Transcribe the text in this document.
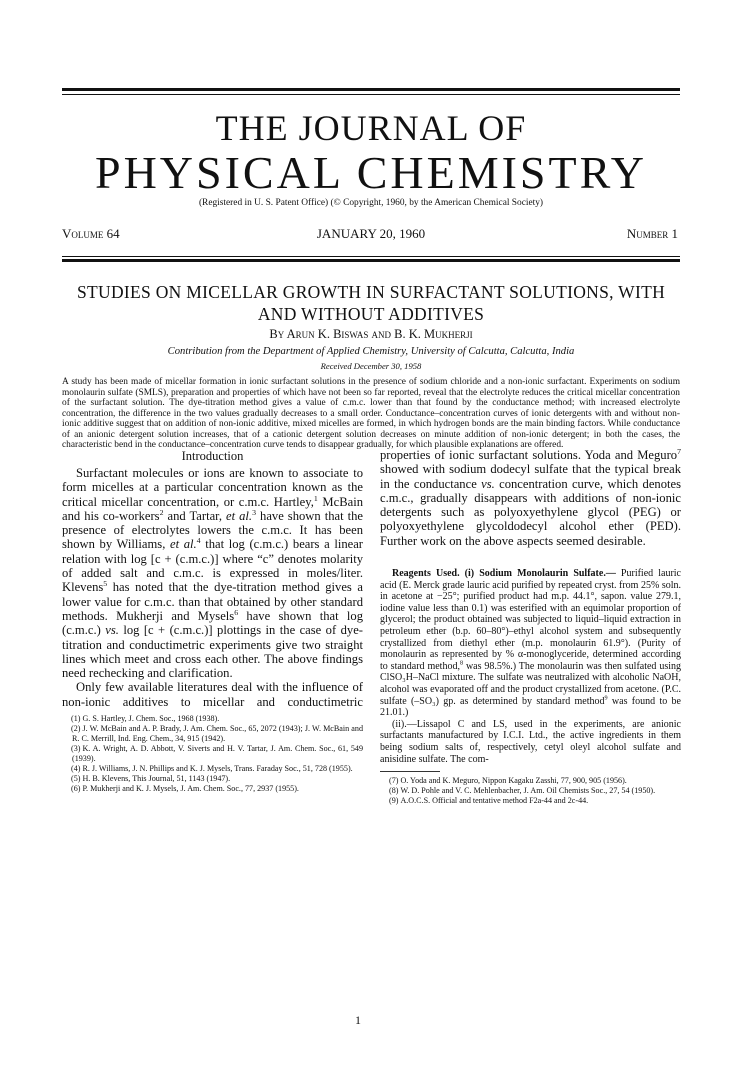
THE JOURNAL OF
PHYSICAL CHEMISTRY
(Registered in U. S. Patent Office) (© Copyright, 1960, by the American Chemical Society)
Volume 64	JANUARY 20, 1960	Number 1
STUDIES ON MICELLAR GROWTH IN SURFACTANT SOLUTIONS, WITH
AND WITHOUT ADDITIVES
By Arun K. Biswas and B. K. Mukherji
Contribution from the Department of Applied Chemistry, University of Calcutta, Calcutta, India
Received December 30, 1958
A study has been made of micellar formation in ionic surfactant solutions in the presence of sodium chloride and a non-ionic surfactant. Experiments on sodium monolaurin sulfate (SMLS), preparation and properties of which have not been so far reported, reveal that the electrolyte reduces the critical micellar concentration of the surfactant solution. The dye-titration method gives a value of c.m.c. lower than that found by the conductance method; with increased electrolyte concentration, the difference in the two values gradually decreases to a small order. Conductance–concentration curves of ionic detergents with and without non-ionic additive suggest that on addition of non-ionic additive, mixed micelles are formed, in which hydrogen bonds are the main binding factors. While conductance of an anionic detergent solution increases, that of a cationic detergent solution decreases on minute addition of non-ionic detergent; in both the cases, the characteristic bend in the conductance–concentration curve tends to disappear gradually, for which plausible explanations are offered.
Introduction

Surfactant molecules or ions are known to associate to form micelles at a particular concentration known as the critical micellar concentration, or c.m.c. Hartley,$^1$ McBain and his co-workers$^2$ and Tartar, et al.$^3$ have shown that the presence of electrolytes lowers the c.m.c. It has been shown by Williams, et al.$^4$ that log (c.m.c.) bears a linear relation with log [c + (c.m.c.)] where “c” denotes molarity of added salt and c.m.c. is expressed in moles/liter. Klevens$^5$ has noted that the dye-titration method gives a lower value for c.m.c. than that obtained by other standard methods. Mukherji and Mysels$^6$ have shown that log (c.m.c.) vs. log [c + (c.m.c.)] plottings in the case of dye-titration and conductimetric experiments give two straight lines which meet and cross each other. The above findings need rechecking and clarification.

Only few available literatures deal with the influence of non-ionic additives to micellar and conductimetric

(1) G. S. Hartley, J. Chem. Soc., 1968 (1938).

(2) J. W. McBain and A. P. Brady, J. Am. Chem. Soc., 65, 2072 (1943); J. W. McBain and R. C. Merrill, Ind. Eng. Chem., 34, 915 (1942).

(3) K. A. Wright, A. D. Abbott, V. Siverts and H. V. Tartar, J. Am. Chem. Soc., 61, 549 (1939).

(4) R. J. Williams, J. N. Phillips and K. J. Mysels, Trans. Faraday Soc., 51, 728 (1955).

(5) H. B. Klevens, This Journal, 51, 1143 (1947).

(6) P. Mukherji and K. J. Mysels, J. Am. Chem. Soc., 77, 2937 (1955).

properties of ionic surfactant solutions. Yoda and Meguro$^7$ showed with sodium dodecyl sulfate that the typical break in the conductance vs. concentration curve, which denotes c.m.c., gradually disappears with additions of non-ionic detergents such as polyoxyethylene glycol (PEG) or polyoxyethylene glycoldodecyl alcohol ether (PED). Further work on the above aspects seemed desirable.

Reagents Used. (i) Sodium Monolaurin Sulfate.— Purified lauric acid (E. Merck grade lauric acid purified by repeated cryst. from 25% soln. in acetone at −25°; purified product had m.p. 44.1°, sapon. value 279.1, iodine value less than 0.1) was esterified with an equimolar proportion of glycerol; the product obtained was subjected to liquid–liquid extraction in petroleum ether (b.p. 60–80°)–ethyl alcohol system and subsequently crystallized from diethyl ether (m.p. monolaurin 61.9°). (Purity of monolaurin as represented by % α-monoglyceride, determined according to standard method,$^8$ was 98.5%.) The monolaurin was then sulfated using ClSO₃H–NaCl mixture. The sulfate was neutralized with alcoholic NaOH, alcohol was evaporated off and the product crystallized from acetone. (P.C. sulfate (–SO₃) gp. as determined by standard method$^9$ was found to be 21.01.)

(ii).—Lissapol C and LS, used in the experiments, are anionic surfactants manufactured by I.C.I. Ltd., the active ingredients in them being sodium salts of, respectively, cetyl oleyl alcohol sulfate and anisidine sulfate. The com-

(7) O. Yoda and K. Meguro, Nippon Kagaku Zasshi, 77, 900, 905 (1956).

(8) W. D. Pohle and V. C. Mehlenbacher, J. Am. Oil Chemists Soc., 27, 54 (1950).

(9) A.O.C.S. Official and tentative method F2a-44 and 2c-44.

1
